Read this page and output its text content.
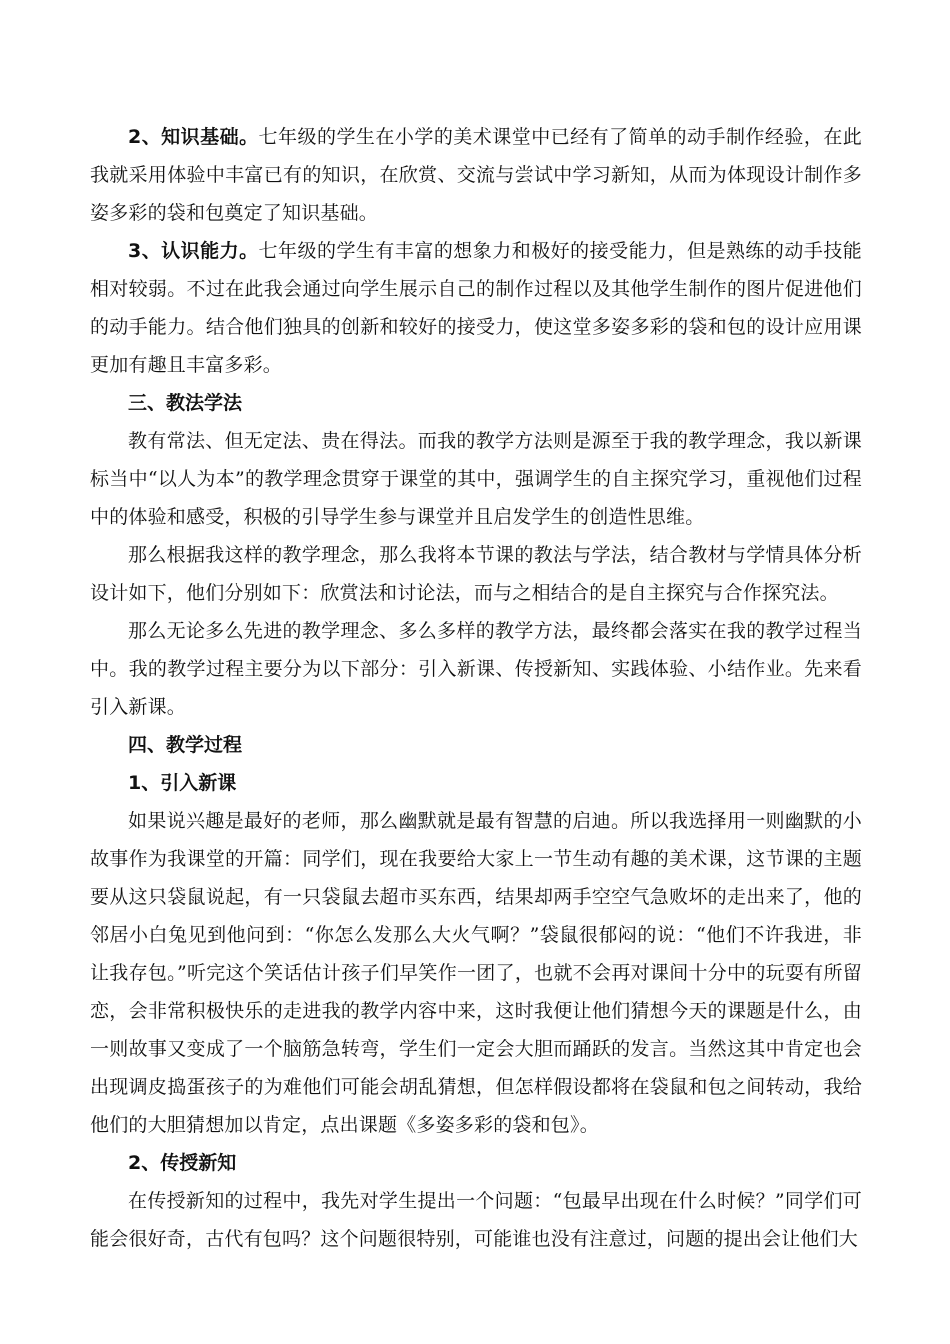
2、知识基础。七年级的学生在小学的美术课堂中已经有了简单的动手制作经验，在此我就采用体验中丰富已有的知识，在欣赏、交流与尝试中学习新知，从而为体现设计制作多姿多彩的袋和包奠定了知识基础。

3、认识能力。七年级的学生有丰富的想象力和极好的接受能力，但是熟练的动手技能相对较弱。不过在此我会通过向学生展示自己的制作过程以及其他学生制作的图片促进他们的动手能力。结合他们独具的创新和较好的接受力，使这堂多姿多彩的袋和包的设计应用课更加有趣且丰富多彩。

三、教法学法

教有常法、但无定法、贵在得法。而我的教学方法则是源至于我的教学理念，我以新课标当中“以人为本”的教学理念贯穿于课堂的其中，强调学生的自主探究学习，重视他们过程中的体验和感受，积极的引导学生参与课堂并且启发学生的创造性思维。

那么根据我这样的教学理念，那么我将本节课的教法与学法，结合教材与学情具体分析设计如下，他们分别如下：欣赏法和讨论法，而与之相结合的是自主探究与合作探究法。

那么无论多么先进的教学理念、多么多样的教学方法，最终都会落实在我的教学过程当中。我的教学过程主要分为以下部分：引入新课、传授新知、实践体验、小结作业。先来看引入新课。

四、教学过程

1、引入新课

如果说兴趣是最好的老师，那么幽默就是最有智慧的启迪。所以我选择用一则幽默的小故事作为我课堂的开篇：同学们，现在我要给大家上一节生动有趣的美术课，这节课的主题要从这只袋鼠说起，有一只袋鼠去超市买东西，结果却两手空空气急败坏的走出来了，他的邻居小白兔见到他问到：“你怎么发那么大火气啊？”袋鼠很郁闷的说：“他们不许我进，非让我存包。”听完这个笑话估计孩子们早笑作一团了，也就不会再对课间十分中的玩耍有所留恋，会非常积极快乐的走进我的教学内容中来，这时我便让他们猜想今天的课题是什么，由一则故事又变成了一个脑筋急转弯，学生们一定会大胆而踊跃的发言。当然这其中肯定也会出现调皮捣蛋孩子的为难他们可能会胡乱猜想，但怎样假设都将在袋鼠和包之间转动，我给他们的大胆猜想加以肯定，点出课题《多姿多彩的袋和包》。

2、传授新知

在传授新知的过程中，我先对学生提出一个问题：“包最早出现在什么时候？”同学们可能会很好奇，古代有包吗？这个问题很特别，可能谁也没有注意过，问题的提出会让他们大
